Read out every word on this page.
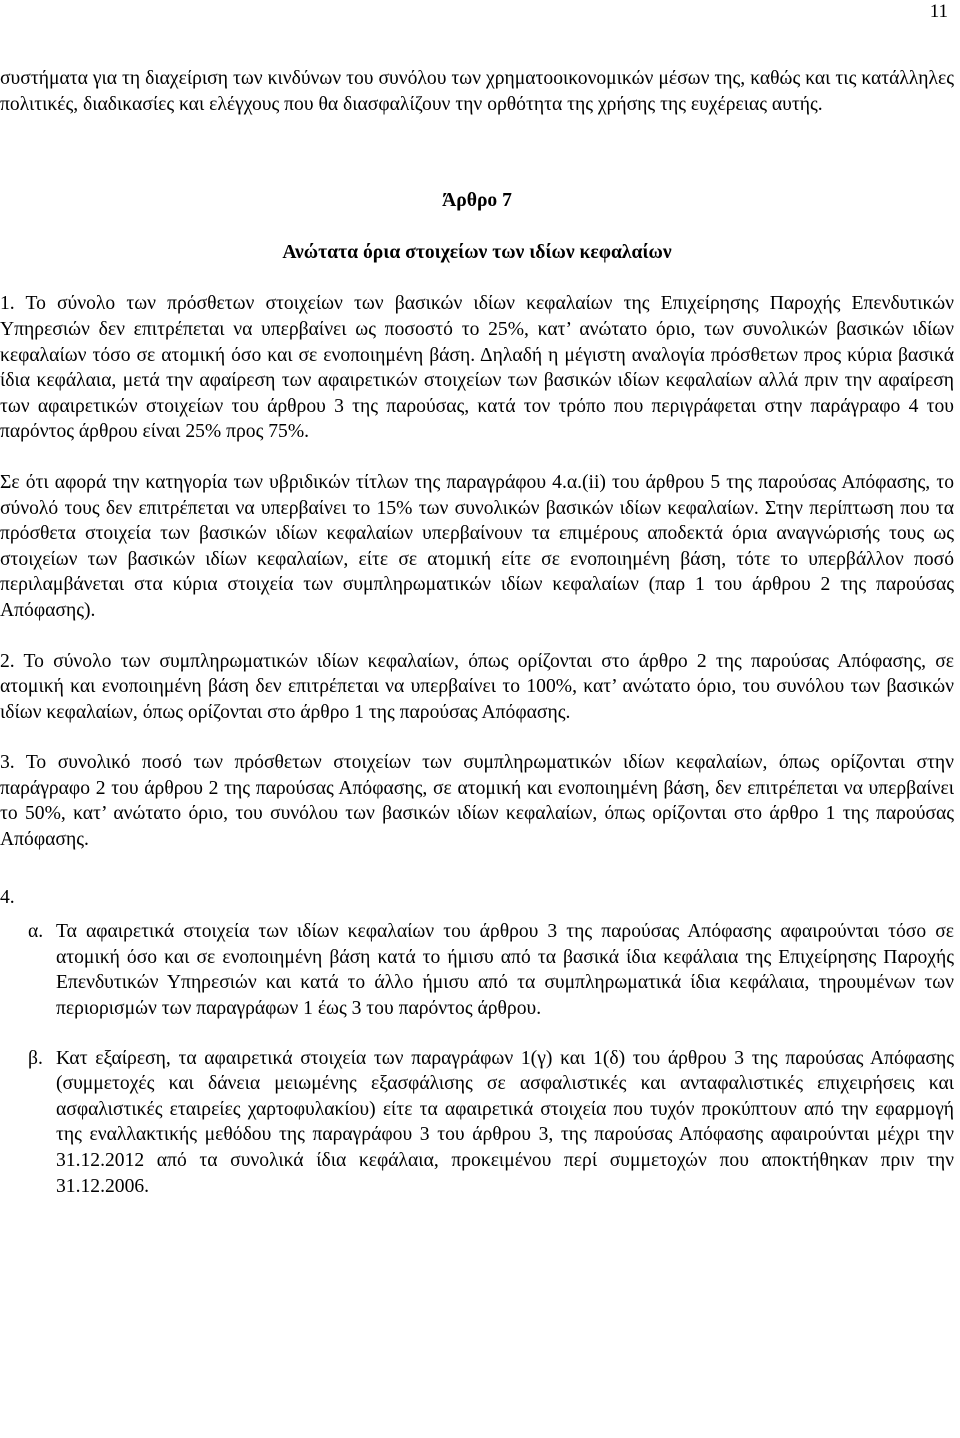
11

συστήματα για τη διαχείριση των κινδύνων του συνόλου των χρηματοοικονομικών μέσων της, καθώς και τις κατάλληλες πολιτικές, διαδικασίες και ελέγχους που θα διασφαλίζουν την ορθότητα της χρήσης της ευχέρειας αυτής.

Άρθρο 7
Ανώτατα όρια στοιχείων των ιδίων κεφαλαίων

1. Το σύνολο των πρόσθετων στοιχείων των βασικών ιδίων κεφαλαίων της Επιχείρησης Παροχής Επενδυτικών Υπηρεσιών δεν επιτρέπεται να υπερβαίνει ως ποσοστό το 25%, κατ’ ανώτατο όριο, των συνολικών βασικών ιδίων κεφαλαίων τόσο σε ατομική όσο και σε ενοποιημένη βάση. Δηλαδή η μέγιστη αναλογία πρόσθετων προς κύρια βασικά ίδια κεφάλαια, μετά την αφαίρεση των αφαιρετικών στοιχείων των βασικών ιδίων κεφαλαίων αλλά πριν την αφαίρεση των αφαιρετικών στοιχείων του άρθρου 3 της παρούσας, κατά τον τρόπο που περιγράφεται στην παράγραφο 4 του παρόντος άρθρου είναι 25% προς 75%.

Σε ότι αφορά την κατηγορία των υβριδικών τίτλων της παραγράφου 4.α.(ii) του άρθρου 5 της παρούσας Απόφασης, το σύνολό τους δεν επιτρέπεται να υπερβαίνει το 15% των συνολικών βασικών ιδίων κεφαλαίων. Στην περίπτωση που τα πρόσθετα στοιχεία των βασικών ιδίων κεφαλαίων υπερβαίνουν τα επιμέρους αποδεκτά όρια αναγνώρισής τους ως στοιχείων των βασικών ιδίων κεφαλαίων, είτε σε ατομική είτε σε ενοποιημένη βάση, τότε το υπερβάλλον ποσό περιλαμβάνεται στα κύρια στοιχεία των συμπληρωματικών ιδίων κεφαλαίων (παρ 1 του άρθρου 2 της παρούσας Απόφασης).

2. Το σύνολο των συμπληρωματικών ιδίων κεφαλαίων, όπως ορίζονται στο άρθρο 2 της παρούσας Απόφασης, σε ατομική και ενοποιημένη βάση δεν επιτρέπεται να υπερβαίνει το 100%, κατ’ ανώτατο όριο, του συνόλου των βασικών ιδίων κεφαλαίων, όπως ορίζονται στο άρθρο 1 της παρούσας Απόφασης.

3. Το συνολικό ποσό των πρόσθετων στοιχείων των συμπληρωματικών ιδίων κεφαλαίων, όπως ορίζονται στην παράγραφο 2 του άρθρου 2 της παρούσας Απόφασης, σε ατομική και ενοποιημένη βάση, δεν επιτρέπεται να υπερβαίνει το 50%, κατ’ ανώτατο όριο, του συνόλου των βασικών ιδίων κεφαλαίων, όπως ορίζονται στο άρθρο 1 της παρούσας Απόφασης.

4.

α. Τα αφαιρετικά στοιχεία των ιδίων κεφαλαίων του άρθρου 3 της παρούσας Απόφασης αφαιρούνται τόσο σε ατομική όσο και σε ενοποιημένη βάση κατά το ήμισυ από τα βασικά ίδια κεφάλαια της Επιχείρησης Παροχής Επενδυτικών Υπηρεσιών και κατά το άλλο ήμισυ από τα συμπληρωματικά ίδια κεφάλαια, τηρουμένων των περιορισμών των παραγράφων 1 έως 3 του παρόντος άρθρου.
β. Κατ εξαίρεση, τα αφαιρετικά στοιχεία των παραγράφων 1(γ) και 1(δ) του άρθρου 3 της παρούσας Απόφασης (συμμετοχές και δάνεια μειωμένης εξασφάλισης σε ασφαλιστικές και ανταφαλιστικές επιχειρήσεις και ασφαλιστικές εταιρείες χαρτοφυλακίου) είτε τα αφαιρετικά στοιχεία που τυχόν προκύπτουν από την εφαρμογή της εναλλακτικής μεθόδου της παραγράφου 3 του άρθρου 3, της παρούσας Απόφασης αφαιρούνται μέχρι την 31.12.2012 από τα συνολικά ίδια κεφάλαια, προκειμένου περί συμμετοχών που αποκτήθηκαν πριν την 31.12.2006.
